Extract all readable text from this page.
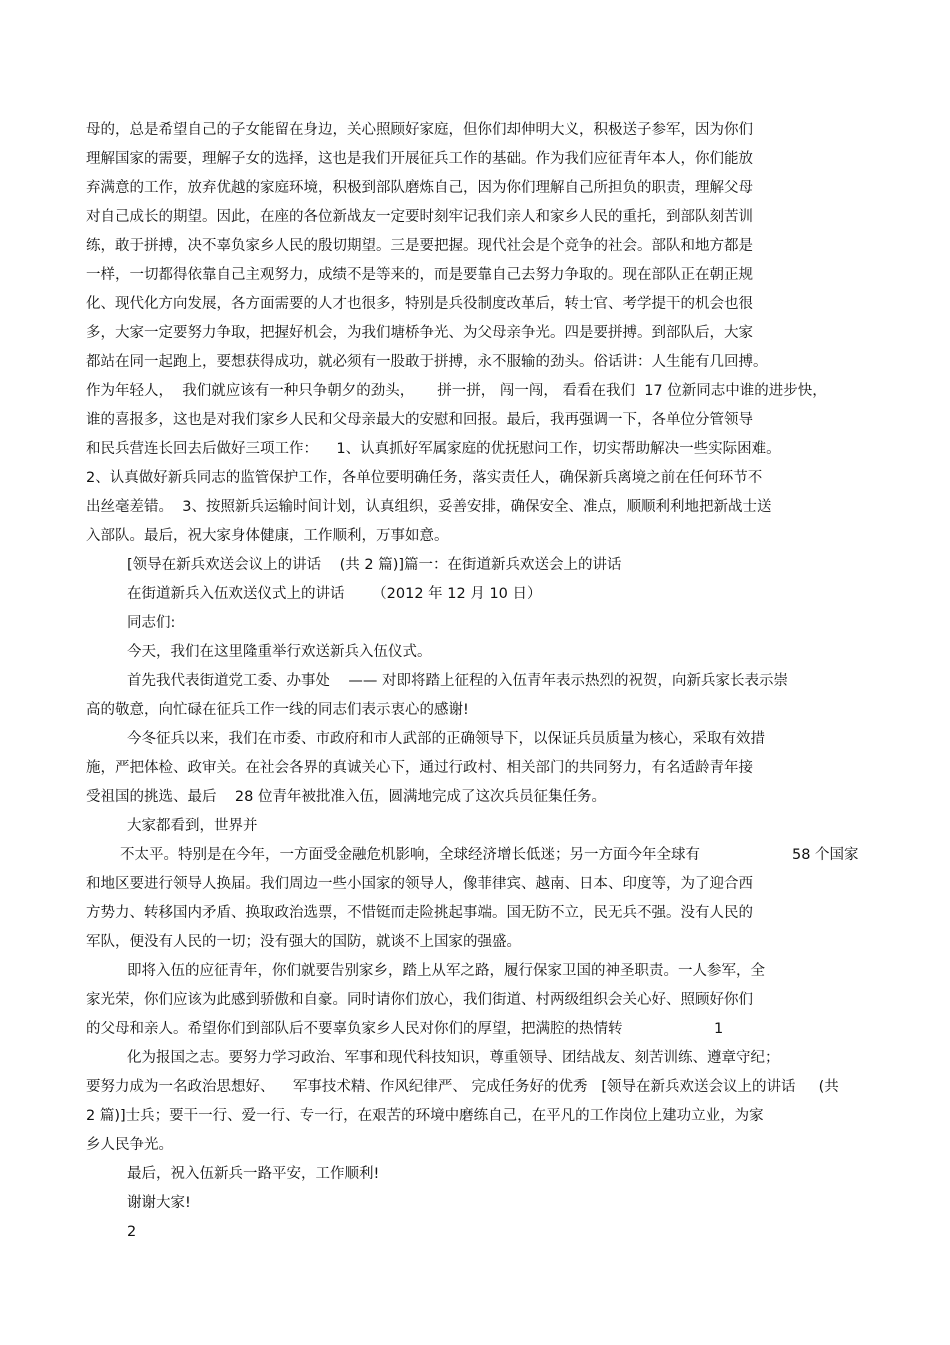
母的，总是希望自己的子女能留在身边，关心照顾好家庭，但你们却伸明大义，积极送子参军，因为你们
理解国家的需要，理解子女的选择，这也是我们开展征兵工作的基础。作为我们应征青年本人，你们能放
弃满意的工作，放弃优越的家庭环境，积极到部队磨炼自己，因为你们理解自己所担负的职责，理解父母
对自己成长的期望。因此，在座的各位新战友一定要时刻牢记我们亲人和家乡人民的重托，到部队刻苦训
练，敢于拼搏，决不辜负家乡人民的殷切期望。三是要把握。现代社会是个竞争的社会。部队和地方都是
一样，一切都得依靠自己主观努力，成绩不是等来的，而是要靠自己去努力争取的。现在部队正在朝正规
化、现代化方向发展，各方面需要的人才也很多，特别是兵役制度改革后，转士官、考学提干的机会也很
多，大家一定要努力争取，把握好机会，为我们塘桥争光、为父母亲争光。四是要拼搏。到部队后，大家
都站在同一起跑上，要想获得成功，就必须有一股敢于拼搏，永不服输的劲头。俗话讲：人生能有几回搏。
作为年轻人，  我们就应该有一种只争朝夕的劲头，     拼一拼， 闯一闯， 看看在我们  17 位新同志中谁的进步快，
谁的喜报多，这也是对我们家乡人民和父母亲最大的安慰和回报。最后，我再强调一下，各单位分管领导
和民兵营连长回去后做好三项工作：    1、认真抓好军属家庭的优抚慰问工作，切实帮助解决一些实际困难。
2、认真做好新兵同志的监管保护工作，各单位要明确任务，落实责任人，确保新兵离境之前在任何环节不
出丝毫差错。  3、按照新兵运输时间计划，认真组织，妥善安排，确保安全、准点，顺顺利利地把新战士送
入部队。最后，祝大家身体健康，工作顺利，万事如意。
[领导在新兵欢送会议上的讲话    (共 2 篇)]篇一：在街道新兵欢送会上的讲话
在街道新兵入伍欢送仪式上的讲话      （2012 年 12 月 10 日）
同志们:
今天，我们在这里隆重举行欢送新兵入伍仪式。
首先我代表街道党工委、办事处    —— 对即将踏上征程的入伍青年表示热烈的祝贺，向新兵家长表示崇
高的敬意，向忙碌在征兵工作一线的同志们表示衷心的感谢!
今冬征兵以来，我们在市委、市政府和市人武部的正确领导下，以保证兵员质量为核心，采取有效措
施，严把体检、政审关。在社会各界的真诚关心下，通过行政村、相关部门的共同努力，有名适龄青年接
受祖国的挑选、最后    28 位青年被批准入伍，圆满地完成了这次兵员征集任务。
大家都看到，世界并
不太平。特别是在今年，一方面受金融危机影响，全球经济增长低迷；另一方面今年全球有	58 个国家
和地区要进行领导人换届。我们周边一些小国家的领导人，像菲律宾、越南、日本、印度等，为了迎合西
方势力、转移国内矛盾、换取政治选票，不惜铤而走险挑起事端。国无防不立，民无兵不强。没有人民的
军队，便没有人民的一切；没有强大的国防，就谈不上国家的强盛。
即将入伍的应征青年，你们就要告别家乡，踏上从军之路，履行保家卫国的神圣职责。一人参军，全
家光荣，你们应该为此感到骄傲和自豪。同时请你们放心，我们街道、村两级组织会关心好、照顾好你们
的父母和亲人。希望你们到部队后不要辜负家乡人民对你们的厚望，把满腔的热情转	1
化为报国之志。要努力学习政治、军事和现代科技知识，尊重领导、团结战友、刻苦训练、遵章守纪；
要努力成为一名政治思想好、    军事技术精、作风纪律严、 完成任务好的优秀   [领导在新兵欢送会议上的讲话     (共
2 篇)]士兵；要干一行、爱一行、专一行，在艰苦的环境中磨练自己，在平凡的工作岗位上建功立业，为家
乡人民争光。
最后，祝入伍新兵一路平安，工作顺利!
谢谢大家!
2
